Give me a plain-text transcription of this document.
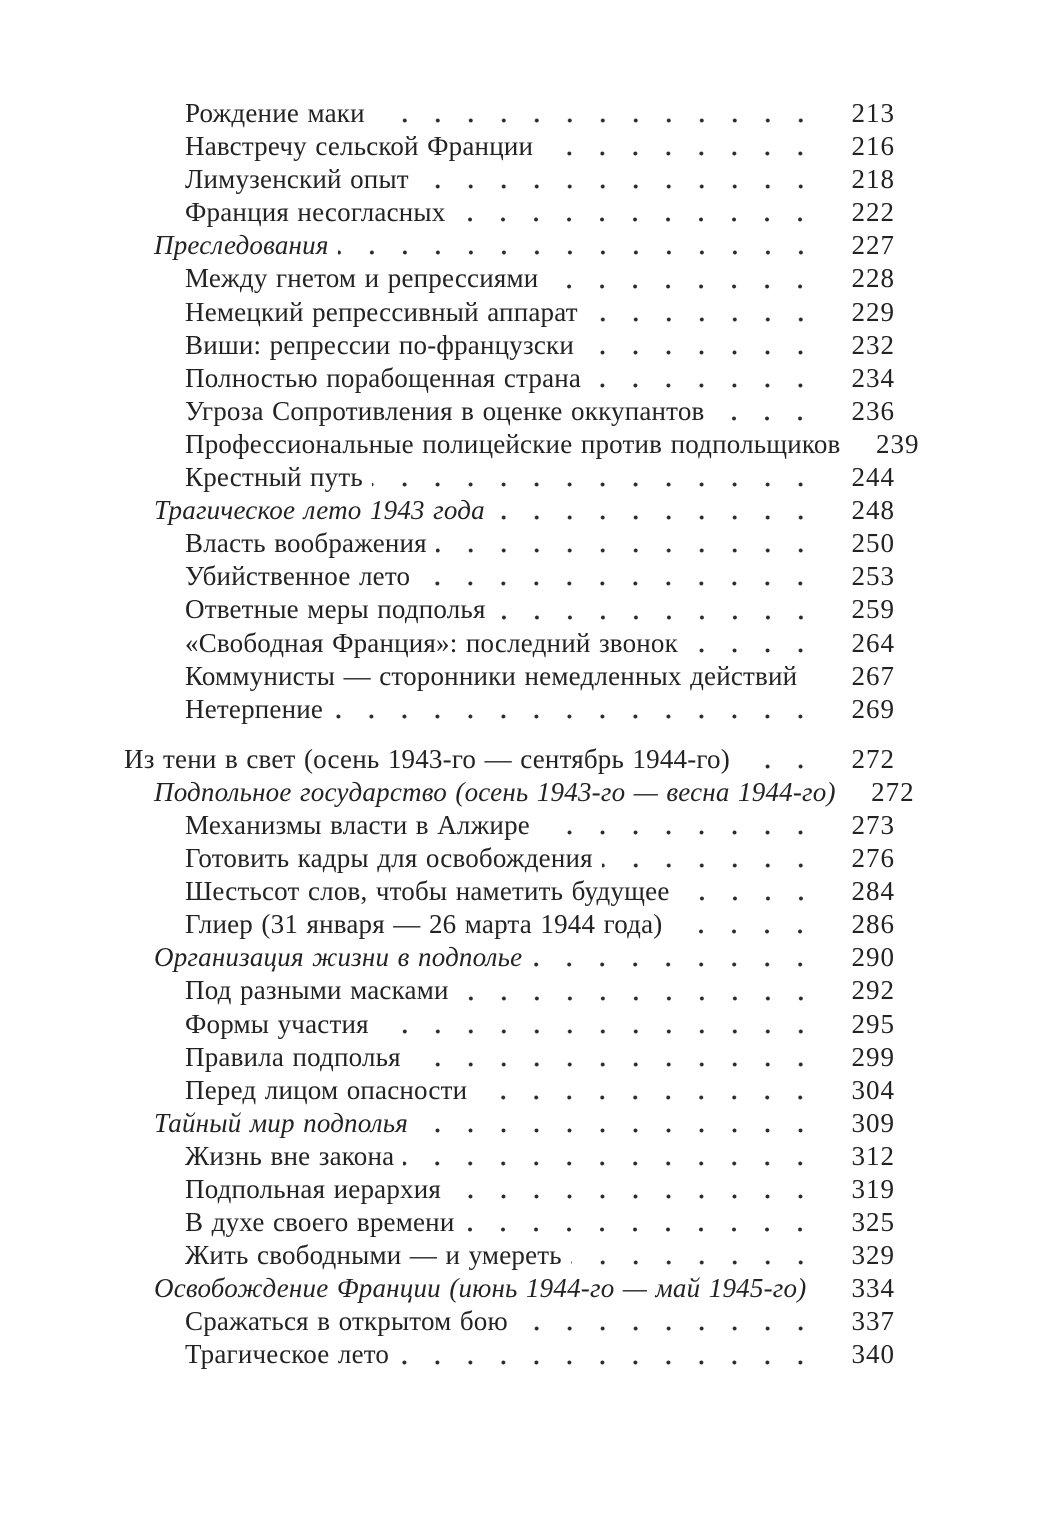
Рождение маки	213
Навстречу сельской Франции	216
Лимузенский опыт	218
Франция несогласных	222
Преследования	227
Между гнетом и репрессиями	228
Немецкий репрессивный аппарат	229
Виши: репрессии по-французски	232
Полностью порабощенная страна	234
Угроза Сопротивления в оценке оккупантов	236
Профессиональные полицейские против подпольщиков 239
Крестный путь	244
Трагическое лето 1943 года	248
Власть воображения	250
Убийственное лето	253
Ответные меры подполья	259
«Свободная Франция»: последний звонок	264
Коммунисты — сторонники немедленных действий 267
Нетерпение	269
Из тени в свет (осень 1943-го — сентябрь 1944-го)	272
Подпольное государство (осень 1943-го — весна 1944-го) 272
Механизмы власти в Алжире	273
Готовить кадры для освобождения	276
Шестьсот слов, чтобы наметить будущее	284
Глиер (31 января — 26 марта 1944 года)	286
Организация жизни в подполье	290
Под разными масками	292
Формы участия	295
Правила подполья	299
Перед лицом опасности	304
Тайный мир подполья	309
Жизнь вне закона	312
Подпольная иерархия	319
В духе своего времени	325
Жить свободными — и умереть	329
Освобождение Франции (июнь 1944-го — май 1945-го) 334
Сражаться в открытом бою	337
Трагическое лето	340
